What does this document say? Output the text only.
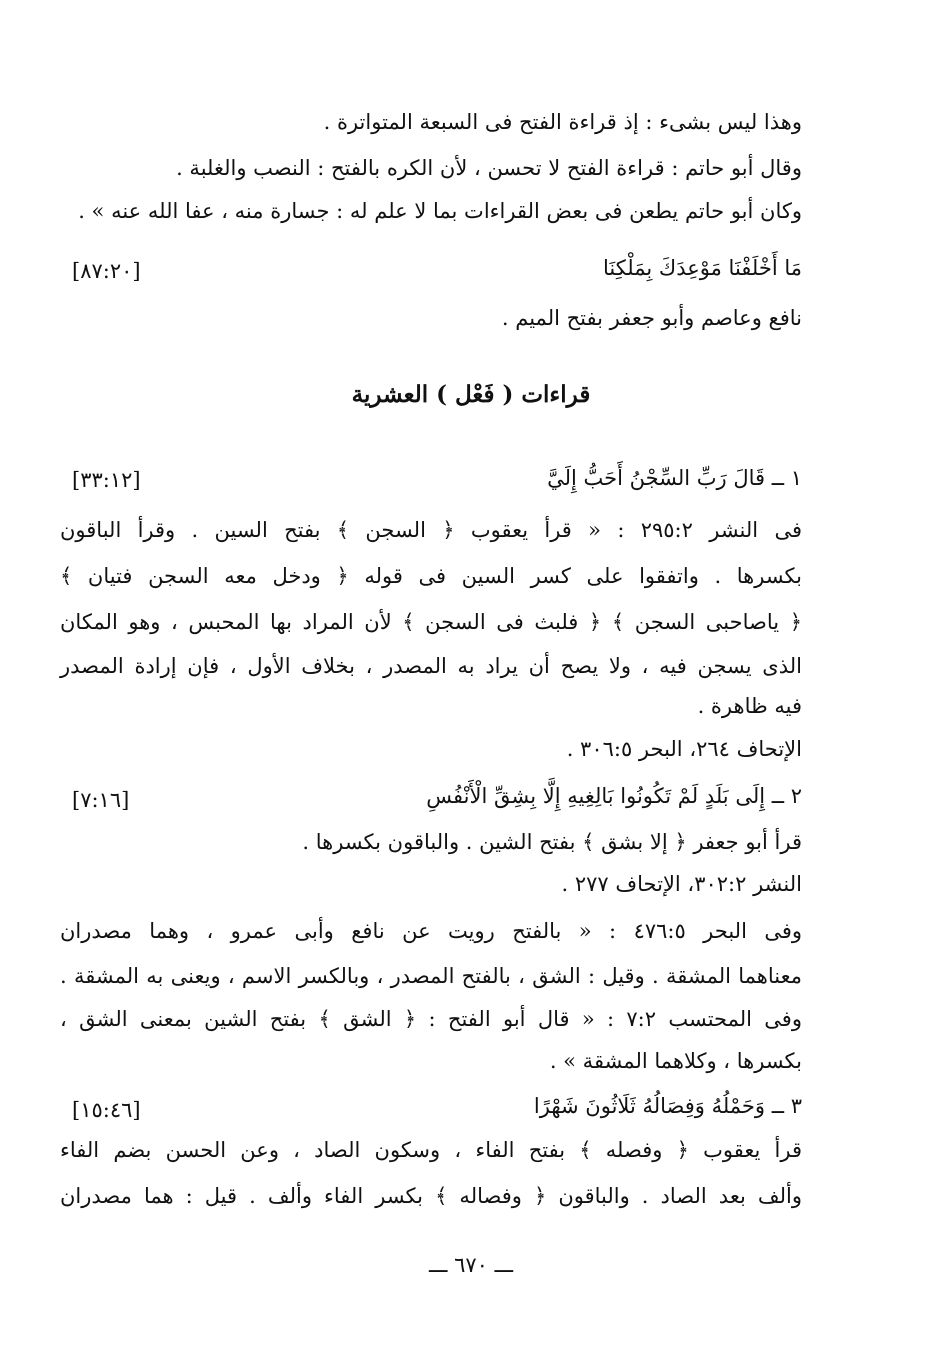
وهذا ليس بشىء : إذ قراءة الفتح فى السبعة المتواترة .
وقال أبو حاتم : قراءة الفتح لا تحسن ، لأن الكره بالفتح : النصب والغلبة .
وكان أبو حاتم يطعن فى بعض القراءات بما لا علم له : جسارة منه ، عفا الله عنه » .
مَا أَخْلَفْنَا مَوْعِدَكَ بِمَلْكِنَا
[٨٧:٢٠]
نافع وعاصم وأبو جعفر بفتح الميم .
قراءات ( فَعْل ) العشرية
١ ــ قَالَ رَبِّ السِّجْنُ أَحَبُّ إِلَيَّ
[٣٣:١٢]
فى النشر ٢٩٥:٢ : « قرأ يعقوب ﴿ السجن ﴾ بفتح السين . وقرأ الباقون
بكسرها . واتفقوا على كسر السين فى قوله ﴿ ودخل معه السجن فتيان ﴾
﴿ ياصاحبى السجن ﴾ ﴿ فلبث فى السجن ﴾ لأن المراد بها المحبس ، وهو المكان
الذى يسجن فيه ، ولا يصح أن يراد به المصدر ، بخلاف الأول ، فإن إرادة المصدر
فيه ظاهرة .
الإتحاف ٢٦٤، البحر ٣٠٦:٥ .
٢ ــ إِلَى بَلَدٍ لَمْ تَكُونُوا بَالِغِيهِ إِلَّا بِشِقِّ الْأَنْفُسِ
[٧:١٦]
قرأ أبو جعفر ﴿ إلا بشق ﴾ بفتح الشين . والباقون بكسرها .
النشر ٣٠٢:٢، الإتحاف ٢٧٧ .
وفى البحر ٤٧٦:٥ : « بالفتح رويت عن نافع وأبى عمرو ، وهما مصدران
معناهما المشقة . وقيل : الشق ، بالفتح المصدر ، وبالكسر الاسم ، ويعنى به المشقة .
وفى المحتسب ٧:٢ : « قال أبو الفتح : ﴿ الشق ﴾ بفتح الشين بمعنى الشق ،
بكسرها ، وكلاهما المشقة » .
٣ ــ وَحَمْلُهُ وَفِصَالُهُ ثَلَاثُونَ شَهْرًا
[١٥:٤٦]
قرأ يعقوب ﴿ وفصله ﴾ بفتح الفاء ، وسكون الصاد ، وعن الحسن بضم الفاء
وألف بعد الصاد . والباقون ﴿ وفصاله ﴾ بكسر الفاء وألف . قيل : هما مصدران
ـــ ٦٧٠ ـــ
